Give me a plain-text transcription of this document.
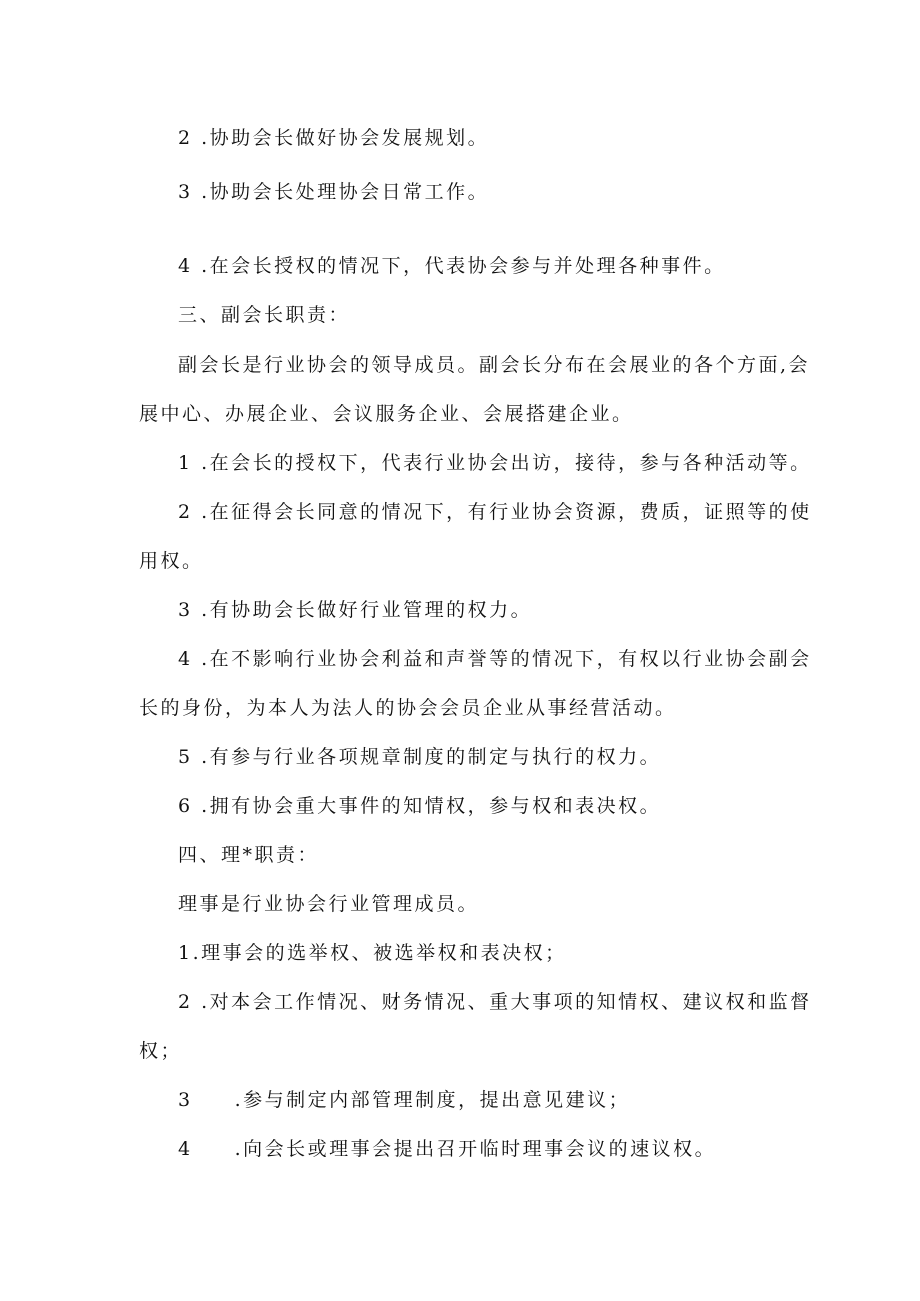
2 .协助会长做好协会发展规划。
3 .协助会长处理协会日常工作。
4 .在会长授权的情况下，代表协会参与并处理各种事件。
三、副会长职责：
副会长是行业协会的领导成员。副会长分布在会展业的各个方面,会
展中心、办展企业、会议服务企业、会展搭建企业。
1 .在会长的授权下，代表行业协会出访，接待，参与各种活动等。
2 .在征得会长同意的情况下，有行业协会资源，费质，证照等的使
用权。
3 .有协助会长做好行业管理的权力。
4 .在不影响行业协会利益和声誉等的情况下，有权以行业协会副会
长的身份，为本人为法人的协会会员企业从事经营活动。
5 .有参与行业各项规章制度的制定与执行的权力。
6 .拥有协会重大事件的知情权，参与权和表决权。
四、理*职责：
理事是行业协会行业管理成员。
1.理事会的选举权、被选举权和表决权；
2 .对本会工作情况、财务情况、重大事项的知情权、建议权和监督
权；
3 .参与制定内部管理制度，提出意见建议；
4 .向会长或理事会提出召开临时理事会议的速议权。
